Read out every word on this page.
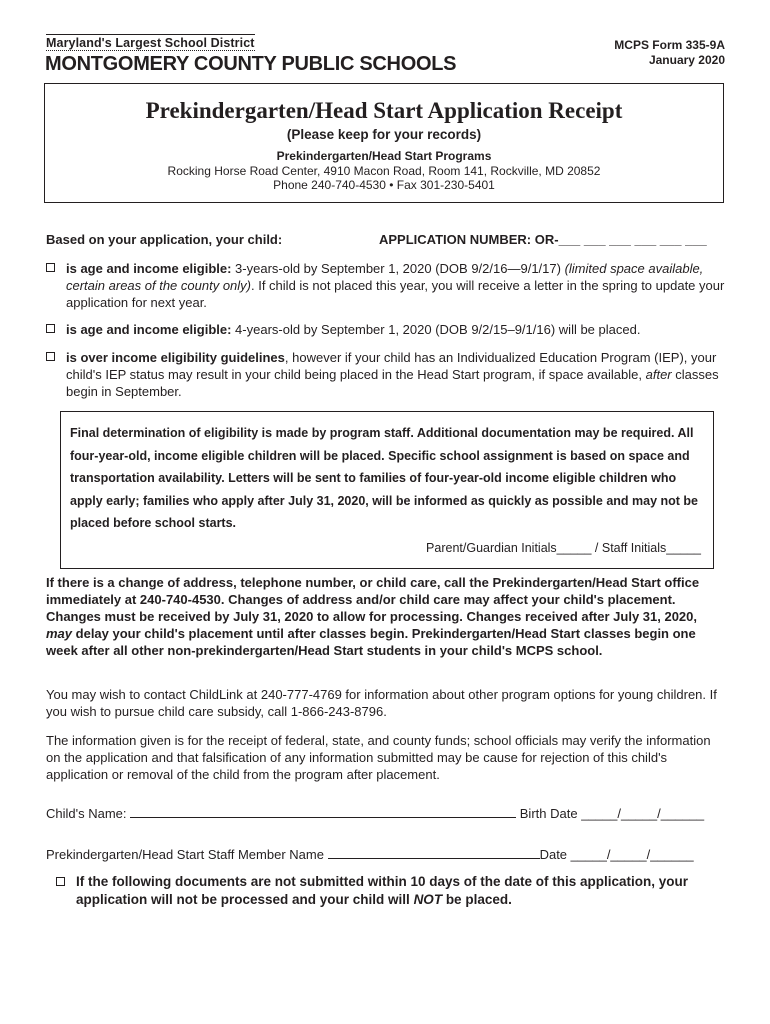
Maryland's Largest School District
MONTGOMERY COUNTY PUBLIC SCHOOLS
MCPS Form 335-9A
January 2020
Prekindergarten/Head Start Application Receipt
(Please keep for your records)
Prekindergarten/Head Start Programs
Rocking Horse Road Center, 4910 Macon Road, Room 141, Rockville, MD 20852
Phone 240-740-4530 • Fax 301-230-5401
Based on your application, your child:	APPLICATION NUMBER: OR-___ ___ ___ ___ ___ ___
is age and income eligible: 3-years-old by September 1, 2020 (DOB 9/2/16—9/1/17) (limited space available, certain areas of the county only). If child is not placed this year, you will receive a letter in the spring to update your application for next year.
is age and income eligible: 4-years-old by September 1, 2020 (DOB 9/2/15–9/1/16) will be placed.
is over income eligibility guidelines, however if your child has an Individualized Education Program (IEP), your child's IEP status may result in your child being placed in the Head Start program, if space available, after classes begin in September.
Final determination of eligibility is made by program staff. Additional documentation may be required. All four-year-old, income eligible children will be placed. Specific school assignment is based on space and transportation availability. Letters will be sent to families of four-year-old income eligible children who apply early; families who apply after July 31, 2020, will be informed as quickly as possible and may not be placed before school starts.
Parent/Guardian Initials_____ / Staff Initials_____
If there is a change of address, telephone number, or child care, call the Prekindergarten/Head Start office immediately at 240-740-4530. Changes of address and/or child care may affect your child's placement. Changes must be received by July 31, 2020 to allow for processing. Changes received after July 31, 2020, may delay your child's placement until after classes begin. Prekindergarten/Head Start classes begin one week after all other non-prekindergarten/Head Start students in your child's MCPS school.
You may wish to contact ChildLink at 240-777-4769 for information about other program options for young children. If you wish to pursue child care subsidy, call 1-866-243-8796.
The information given is for the receipt of federal, state, and county funds; school officials may verify the information on the application and that falsification of any information submitted may be cause for rejection of this child's application or removal of the child from the program after placement.
Child's Name:	Birth Date _____/_____/______
Prekindergarten/Head Start Staff Member Name	Date _____/_____/______
If the following documents are not submitted within 10 days of the date of this application, your application will not be processed and your child will NOT be placed.
